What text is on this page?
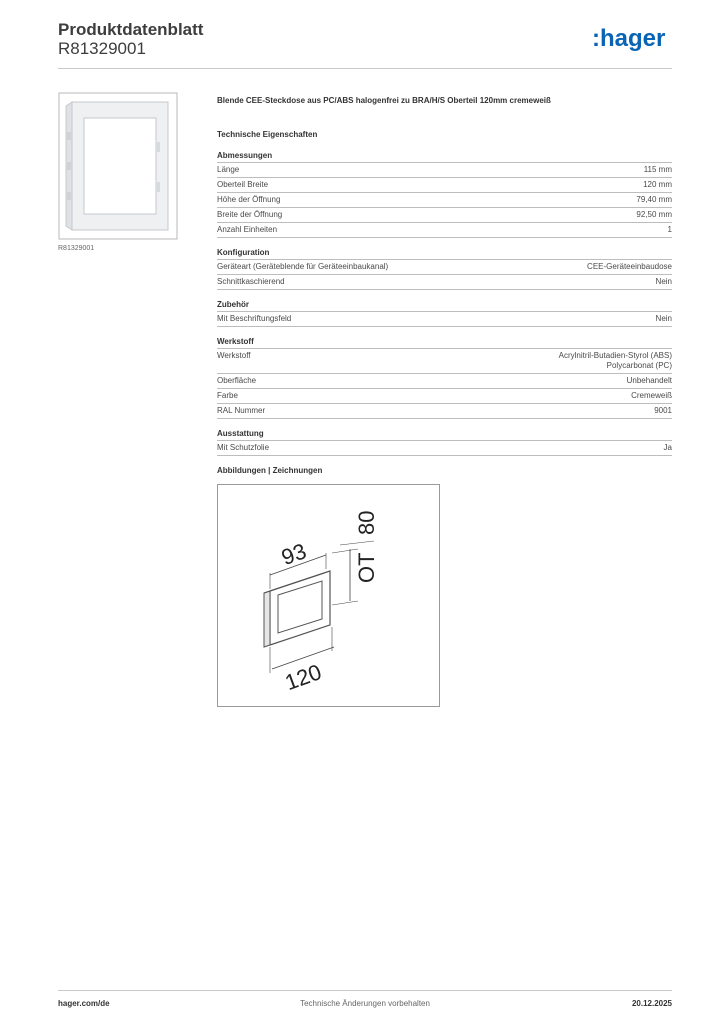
Produktdatenblatt
R81329001	:hager
R81329001
Blende CEE-Steckdose aus PC/ABS halogenfrei zu BRA/H/S Oberteil 120mm cremeweiß
Technische Eigenschaften
Abmessungen
Länge	115 mm
Oberteil Breite	120 mm
Höhe der Öffnung	79,40 mm
Breite der Öffnung	92,50 mm
Anzahl Einheiten	1
Konfiguration
Geräteart (Geräteblende für Geräteeinbaukanal)	CEE-Geräteeinbaudose
Schnittkaschierend	Nein
Zubehör
Mit Beschriftungsfeld	Nein
Werkstoff
Werkstoff	Acrylnitril-Butadien-Styrol (ABS)
Polycarbonat (PC)
Oberfläche	Unbehandelt
Farbe	Cremeweiß
RAL Nummer	9001
Ausstattung
Mit Schutzfolie	Ja
Abbildungen | Zeichnungen
93
80
OT
120
hager.com/de	Technische Änderungen vorbehalten	20.12.2025
